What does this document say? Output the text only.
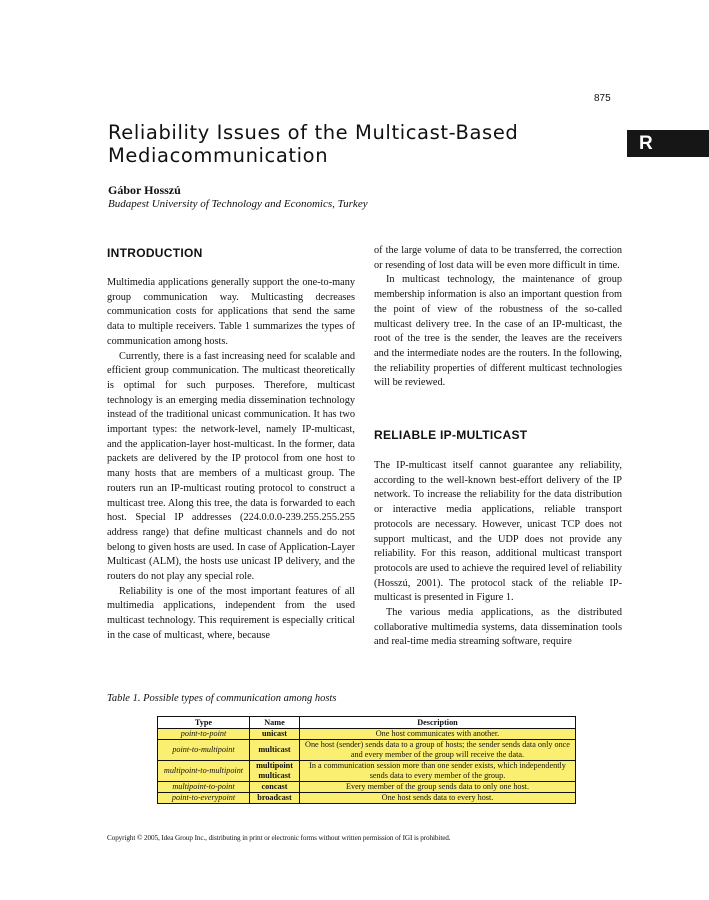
875
R
Reliability Issues of the Multicast-Based
Mediacommunication
Gábor Hosszú
Budapest University of Technology and Economics, Turkey
INTRODUCTION

Multimedia applications generally support the one-to-many group communication way. Multicasting decreases communication costs for applications that send the same data to multiple receivers. Table 1 summarizes the types of communication among hosts.

Currently, there is a fast increasing need for scalable and efficient group communication. The multicast theoretically is optimal for such purposes. Therefore, multicast technology is an emerging media dissemination technology instead of the traditional unicast communication. It has two important types: the network-level, namely IP-multicast, and the application-layer host-multicast. In the former, data packets are delivered by the IP protocol from one host to many hosts that are members of a multicast group. The routers run an IP-multicast routing protocol to construct a multicast tree. Along this tree, the data is forwarded to each host. Special IP addresses (224.0.0.0-239.255.255.255 address range) that define multicast channels and do not belong to given hosts are used. In case of Application-Layer Multicast (ALM), the hosts use unicast IP delivery, and the routers do not play any special role.

Reliability is one of the most important features of all multimedia applications, independent from the used multicast technology. This requirement is especially critical in the case of multicast, where, because

of the large volume of data to be transferred, the correction or resending of lost data will be even more difficult in time.

In multicast technology, the maintenance of group membership information is also an important question from the point of view of the robustness of the so-called multicast delivery tree. In the case of an IP-multicast, the root of the tree is the sender, the leaves are the receivers and the intermediate nodes are the routers. In the following, the reliability properties of different multicast technologies will be reviewed.

RELIABLE IP-MULTICAST

The IP-multicast itself cannot guarantee any reliability, according to the well-known best-effort delivery of the IP network. To increase the reliability for the data distribution or interactive media applications, reliable transport protocols are necessary. However, unicast TCP does not support multicast, and the UDP does not provide any reliability. For this reason, additional multicast transport protocols are used to achieve the required level of reliability (Hosszú, 2001). The protocol stack of the reliable IP-multicast is presented in Figure 1.

The various media applications, as the distributed collaborative multimedia systems, data dissemination tools and real-time media streaming software, require

Table 1. Possible types of communication among hosts
Type	Name	Description
point-to-point	unicast	One host communicates with another.
point-to-multipoint	multicast	One host (sender) sends data to a group of hosts; the sender sends data only once and every member of the group will receive the data.
multipoint-to-multipoint	multipoint multicast	In a communication session more than one sender exists, which independently sends data to every member of the group.
multipoint-to-point	concast	Every member of the group sends data to only one host.
point-to-everypoint	broadcast	One host sends data to every host.
Copyright © 2005, Idea Group Inc., distributing in print or electronic forms without written permission of IGI is prohibited.
